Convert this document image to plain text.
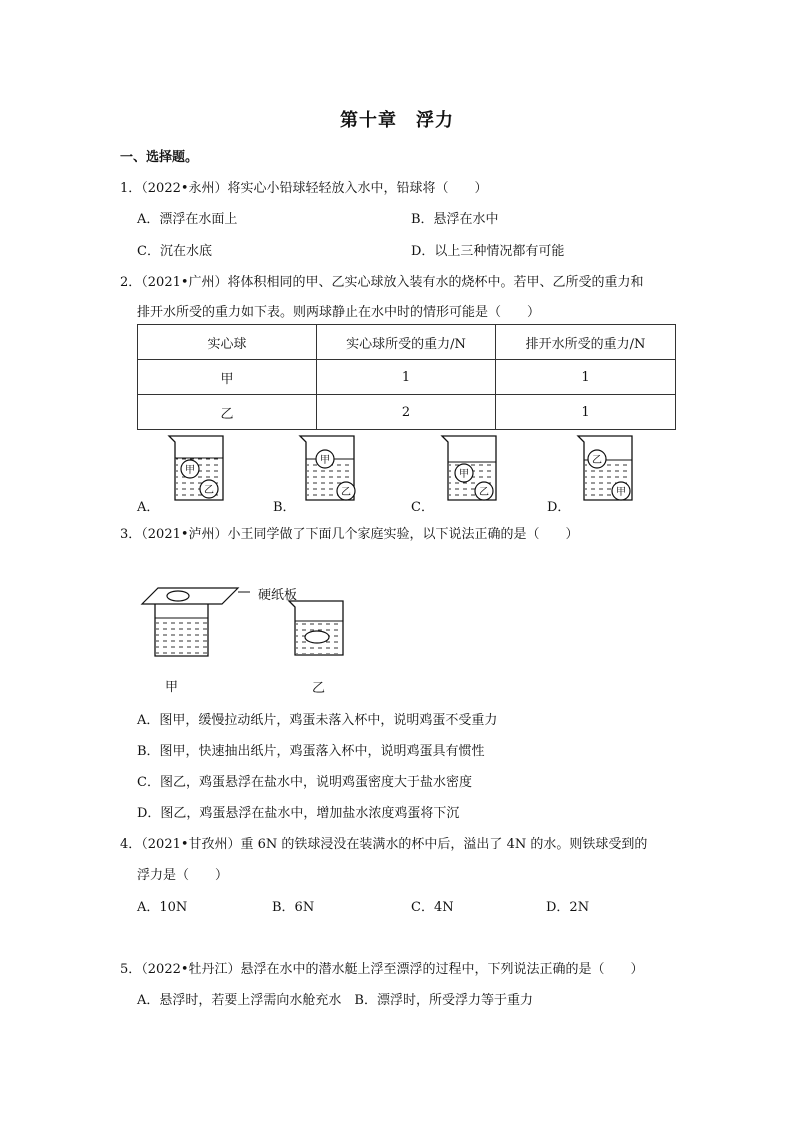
第十章　浮力
一、选择题。
1．（2022•永州）将实心小铅球轻轻放入水中，铅球将（　　）
A．漂浮在水面上	B．悬浮在水中
C．沉在水底	D．以上三种情况都有可能
2．（2021•广州）将体积相同的甲、乙实心球放入装有水的烧杯中。若甲、乙所受的重力和
排开水所受的重力如下表。则两球静止在水中时的情形可能是（　　）
实心球	实心球所受的重力/N	排开水所受的重力/N
甲	1	1
乙	2	1
A．
甲
乙
B．
甲
乙
C．
甲
乙
D．
乙
甲
3．（2021•泸州）小王同学做了下面几个家庭实验，以下说法正确的是（　　）
硬纸板
甲	乙
A．图甲，缓慢拉动纸片，鸡蛋未落入杯中，说明鸡蛋不受重力
B．图甲，快速抽出纸片，鸡蛋落入杯中，说明鸡蛋具有惯性
C．图乙，鸡蛋悬浮在盐水中，说明鸡蛋密度大于盐水密度
D．图乙，鸡蛋悬浮在盐水中，增加盐水浓度鸡蛋将下沉
4．（2021•甘孜州）重 6N 的铁球浸没在装满水的杯中后，溢出了 4N 的水。则铁球受到的
浮力是（　　）
A．10N	B．6N	C．4N	D．2N
5．（2022•牡丹江）悬浮在水中的潜水艇上浮至漂浮的过程中，下列说法正确的是（　　）
A．悬浮时，若要上浮需向水舱充水　B．漂浮时，所受浮力等于重力
